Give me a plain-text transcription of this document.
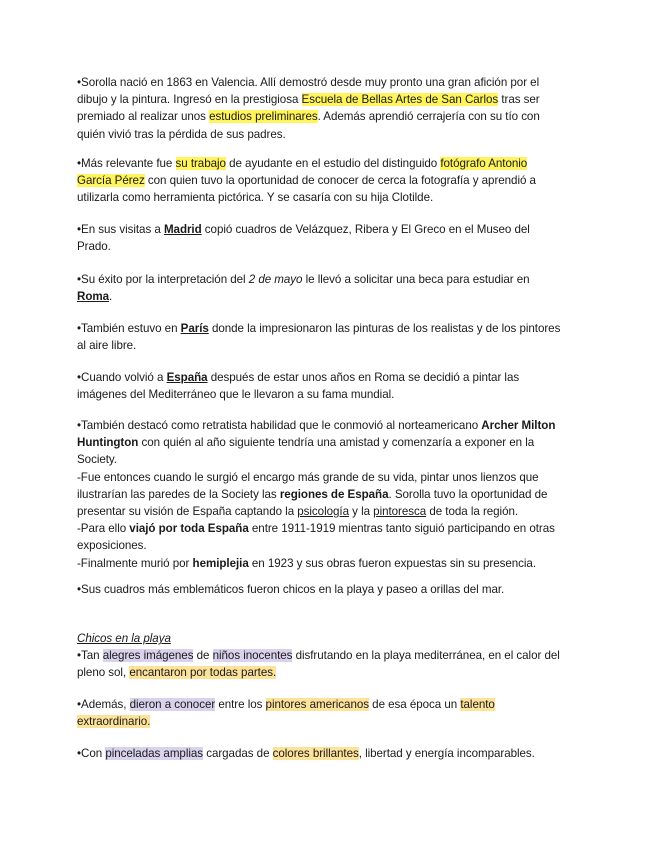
•Sorolla nació en 1863 en Valencia. Allí demostró desde muy pronto una gran afición por el dibujo y la pintura. Ingresó en la prestigiosa Escuela de Bellas Artes de San Carlos tras ser premiado al realizar unos estudios preliminares. Además aprendió cerrajería con su tío con quién vivió tras la pérdida de sus padres.

•Más relevante fue su trabajo de ayudante en el estudio del distinguido fotógrafo Antonio García Pérez con quien tuvo la oportunidad de conocer de cerca la fotografía y aprendió a utilizarla como herramienta pictórica. Y se casaría con su hija Clotilde.

•En sus visitas a Madrid copió cuadros de Velázquez, Ribera y El Greco en el Museo del Prado.

•Su éxito por la interpretación del 2 de mayo le llevó a solicitar una beca para estudiar en Roma.

•También estuvo en París donde la impresionaron las pinturas de los realistas y de los pintores al aire libre.

•Cuando volvió a España después de estar unos años en Roma se decidió a pintar las imágenes del Mediterráneo que le llevaron a su fama mundial.

•También destacó como retratista habilidad que le conmovió al norteamericano Archer Milton Huntington con quién al año siguiente tendría una amistad y comenzaría a exponer en la Society.
-Fue entonces cuando le surgió el encargo más grande de su vida, pintar unos lienzos que ilustrarían las paredes de la Society las regiones de España. Sorolla tuvo la oportunidad de presentar su visión de España captando la psicología y la pintoresca de toda la región.
-Para ello viajó por toda España entre 1911-1919 mientras tanto siguió participando en otras exposiciones.
-Finalmente murió por hemiplejia en 1923 y sus obras fueron expuestas sin su presencia.

•Sus cuadros más emblemáticos fueron chicos en la playa y paseo a orillas del mar.

Chicos en la playa

•Tan alegres imágenes de niños inocentes disfrutando en la playa mediterránea, en el calor del pleno sol, encantaron por todas partes.

•Además, dieron a conocer entre los pintores americanos de esa época un talento extraordinario.

•Con pinceladas amplias cargadas de colores brillantes, libertad y energía incomparables.
